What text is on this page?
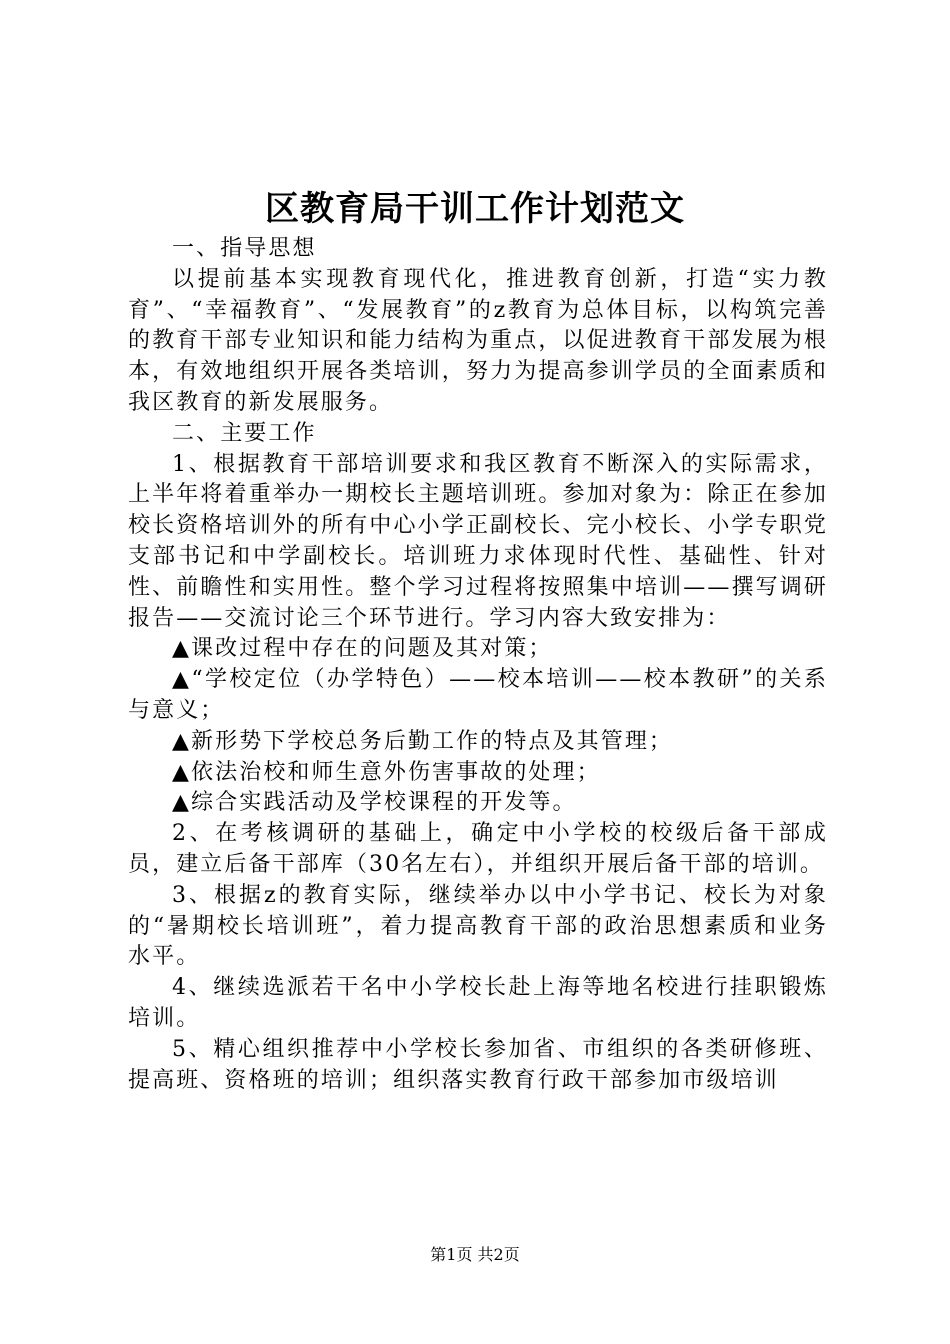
区教育局干训工作计划范文

一、指导思想

以提前基本实现教育现代化，推进教育创新，打造“实力教育”、“幸福教育”、“发展教育”的z教育为总体目标，以构筑完善的教育干部专业知识和能力结构为重点，以促进教育干部发展为根本，有效地组织开展各类培训，努力为提高参训学员的全面素质和我区教育的新发展服务。

二、主要工作

1、根据教育干部培训要求和我区教育不断深入的实际需求，上半年将着重举办一期校长主题培训班。参加对象为：除正在参加校长资格培训外的所有中心小学正副校长、完小校长、小学专职党支部书记和中学副校长。培训班力求体现时代性、基础性、针对性、前瞻性和实用性。整个学习过程将按照集中培训——撰写调研报告——交流讨论三个环节进行。学习内容大致安排为：

▲课改过程中存在的问题及其对策；

▲“学校定位（办学特色）——校本培训——校本教研”的关系与意义；

▲新形势下学校总务后勤工作的特点及其管理；

▲依法治校和师生意外伤害事故的处理；

▲综合实践活动及学校课程的开发等。

2、在考核调研的基础上，确定中小学校的校级后备干部成员，建立后备干部库（30名左右），并组织开展后备干部的培训。

3、根据z的教育实际，继续举办以中小学书记、校长为对象的“暑期校长培训班”，着力提高教育干部的政治思想素质和业务水平。

4、继续选派若干名中小学校长赴上海等地名校进行挂职锻炼培训。

5、精心组织推荐中小学校长参加省、市组织的各类研修班、提高班、资格班的培训；组织落实教育行政干部参加市级培训

第1页 共2页
